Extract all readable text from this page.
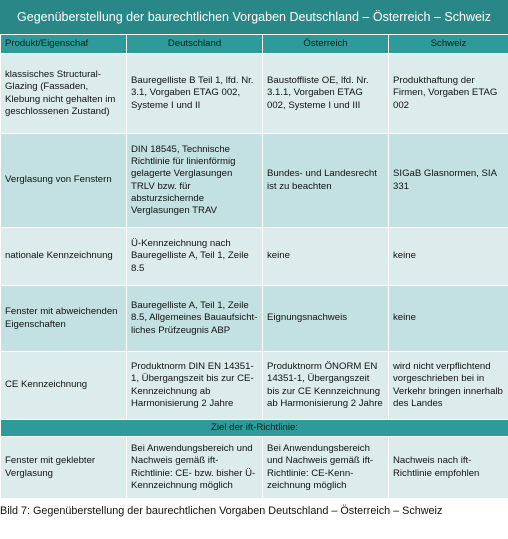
Gegenüberstellung der baurechtlichen Vorgaben Deutschland – Österreich – Schweiz
Produkt/Eigenschaf	Deutschland	Österreich	Schweiz
klassisches Structural-Glazing (Fassaden, Klebung nicht gehalten im geschlossenen Zustand)	Bauregelliste B Teil 1, lfd. Nr. 3.1, Vorgaben ETAG 002, Systeme I und II	Baustoffliste OE, lfd. Nr. 3.1.1, Vorgaben ETAG 002, Systeme I und III	Produkthaftung der Firmen, Vorgaben ETAG 002
Verglasung von Fenstern	DIN 18545, Technische Richtlinie für linienförmig gelagerte Verglasungen TRLV bzw. für absturzsichernde Verglasungen TRAV	Bundes- und Landesrecht ist zu beachten	SIGaB Glasnormen, SIA 331
nationale Kennzeichnung	Ü-Kennzeichnung nach Bauregelliste A, Teil 1, Zeile 8.5	keine	keine
Fenster mit abweichenden Eigenschaften	Bauregelliste A, Teil 1, Zeile 8.5, Allgemeines Bauaufsicht-liches Prüfzeugnis ABP	Eignungsnachweis	keine
CE Kennzeichnung	Produktnorm DIN EN 14351-1, Übergangszeit bis zur CE-Kennzeichnung ab Harmonisierung 2 Jahre	Produktnorm ÖNORM EN 14351-1, Übergangszeit bis zur CE Kennzeichnung ab Harmonisierung 2 Jahre	wird nicht verpflichtend vorgeschrieben bei in Verkehr bringen innerhalb des Landes
Ziel der ift-Richtlinie:			
Fenster mit geklebter Verglasung	Bei Anwendungsbereich und Nachweis gemäß ift-Richtlinie: CE- bzw. bisher Ü-Kennzeichnung möglich	Bei Anwendungsbereich und Nachweis gemäß ift-Richtlinie: CE-Kenn-zeichnung möglich	Nachweis nach ift-Richtlinie empfohlen
Bild 7: Gegenüberstellung der baurechtlichen Vorgaben Deutschland – Österreich – Schweiz
